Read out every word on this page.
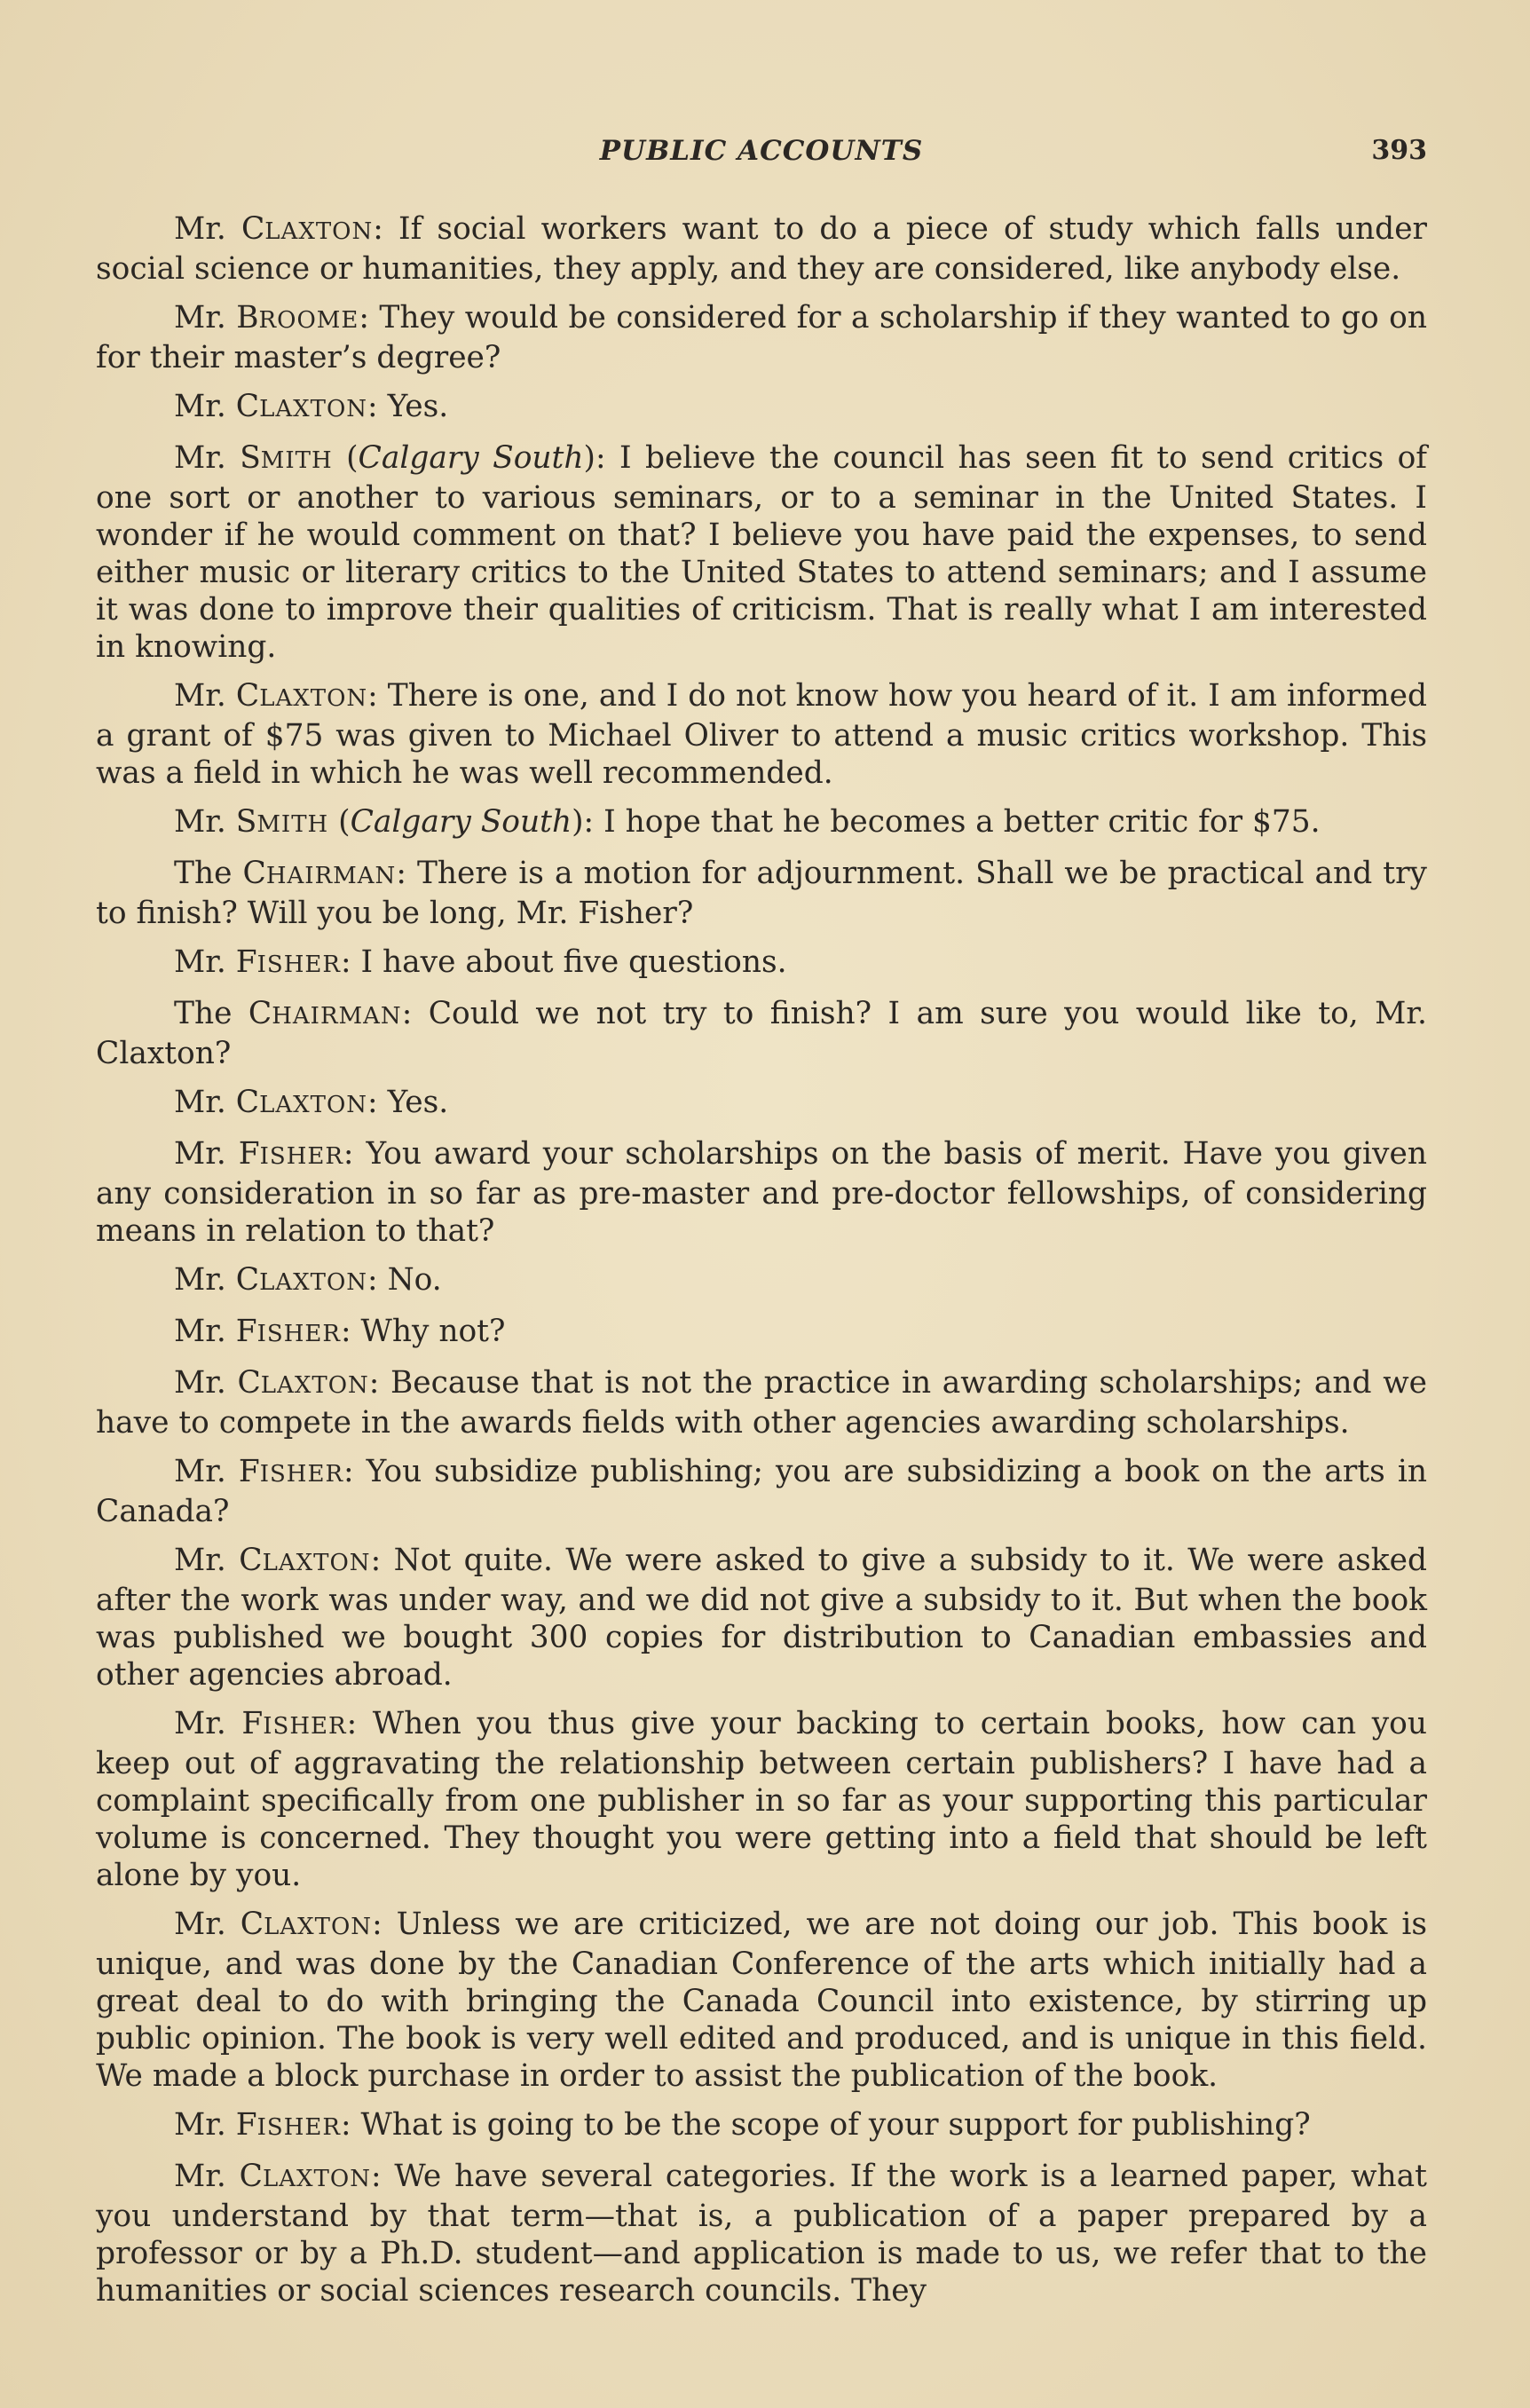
PUBLIC ACCOUNTS	393

Mr. CLAXTON: If social workers want to do a piece of study which falls under social science or humanities, they apply, and they are considered, like anybody else.

Mr. BROOME: They would be considered for a scholarship if they wanted to go on for their master’s degree?

Mr. CLAXTON: Yes.

Mr. SMITH (Calgary South): I believe the council has seen fit to send critics of one sort or another to various seminars, or to a seminar in the United States. I wonder if he would comment on that? I believe you have paid the expenses, to send either music or literary critics to the United States to attend seminars; and I assume it was done to improve their qualities of criticism. That is really what I am interested in knowing.

Mr. CLAXTON: There is one, and I do not know how you heard of it. I am informed a grant of $75 was given to Michael Oliver to attend a music critics workshop. This was a field in which he was well recommended.

Mr. SMITH (Calgary South): I hope that he becomes a better critic for $75.

The CHAIRMAN: There is a motion for adjournment. Shall we be practical and try to finish? Will you be long, Mr. Fisher?

Mr. FISHER: I have about five questions.

The CHAIRMAN: Could we not try to finish? I am sure you would like to, Mr. Claxton?

Mr. CLAXTON: Yes.

Mr. FISHER: You award your scholarships on the basis of merit. Have you given any consideration in so far as pre-master and pre-doctor fellowships, of considering means in relation to that?

Mr. CLAXTON: No.

Mr. FISHER: Why not?

Mr. CLAXTON: Because that is not the practice in awarding scholarships; and we have to compete in the awards fields with other agencies awarding scholarships.

Mr. FISHER: You subsidize publishing; you are subsidizing a book on the arts in Canada?

Mr. CLAXTON: Not quite. We were asked to give a subsidy to it. We were asked after the work was under way, and we did not give a subsidy to it. But when the book was published we bought 300 copies for distribution to Canadian embassies and other agencies abroad.

Mr. FISHER: When you thus give your backing to certain books, how can you keep out of aggravating the relationship between certain publishers? I have had a complaint specifically from one publisher in so far as your supporting this particular volume is concerned. They thought you were getting into a field that should be left alone by you.

Mr. CLAXTON: Unless we are criticized, we are not doing our job. This book is unique, and was done by the Canadian Conference of the arts which initially had a great deal to do with bringing the Canada Council into existence, by stirring up public opinion. The book is very well edited and produced, and is unique in this field. We made a block purchase in order to assist the publication of the book.

Mr. FISHER: What is going to be the scope of your support for publishing?

Mr. CLAXTON: We have several categories. If the work is a learned paper, what you understand by that term—that is, a publication of a paper prepared by a professor or by a Ph.D. student—and application is made to us, we refer that to the humanities or social sciences research councils. They
